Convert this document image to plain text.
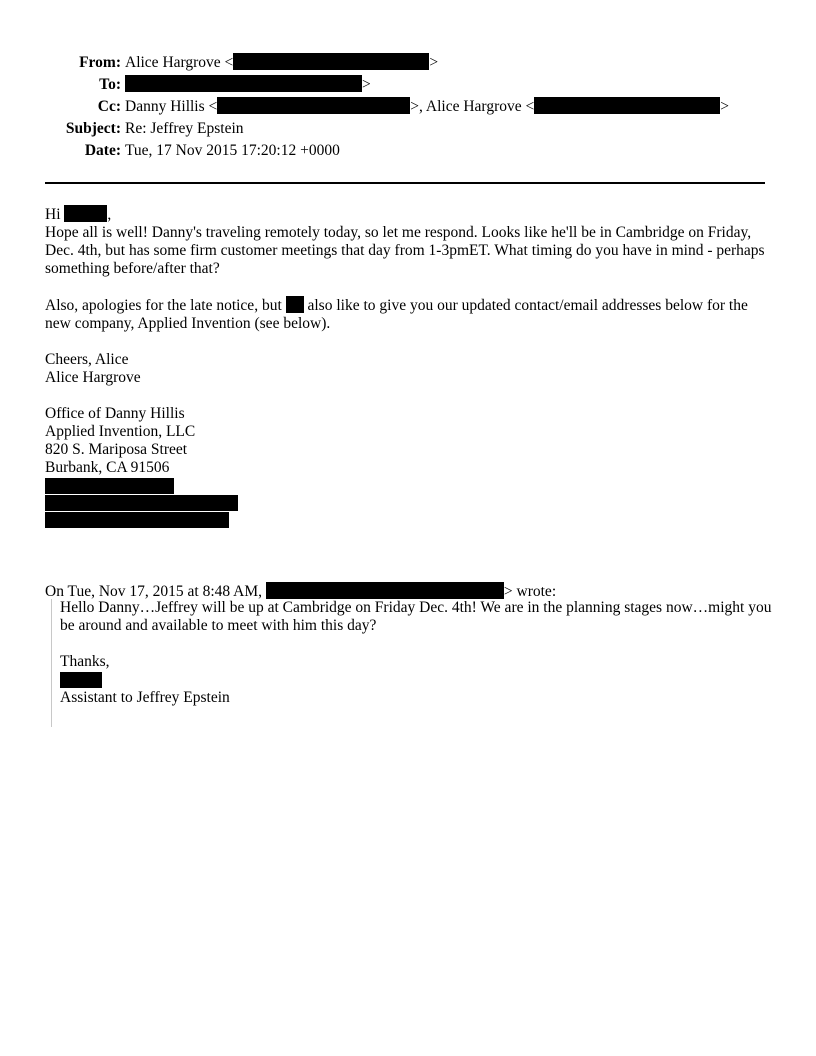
From: Alice Hargrove <	>
To:	>
Cc: Danny Hillis <	>, Alice Hargrove <	>
Subject: Re: Jeffrey Epstein
Date: Tue, 17 Nov 2015 17:20:12 +0000

Hi	,

Hope all is well! Danny's traveling remotely today, so let me respond. Looks like he'll be in Cambridge on Friday, Dec. 4th, but has some firm customer meetings that day from 1-3pmET. What timing do you have in mind - perhaps something before/after that?

Also, apologies for the late notice, but also like to give you our updated contact/email addresses below for the new company, Applied Invention (see below).

Cheers, Alice

Alice Hargrove

Office of Danny Hillis

Applied Invention, LLC

820 S. Mariposa Street

Burbank, CA 91506

On Tue, Nov 17, 2015 at 8:48 AM,	> wrote:

Hello Danny…Jeffrey will be up at Cambridge on Friday Dec. 4th! We are in the planning stages now…might you be around and available to meet with him this day?

Thanks,

Assistant to Jeffrey Epstein
